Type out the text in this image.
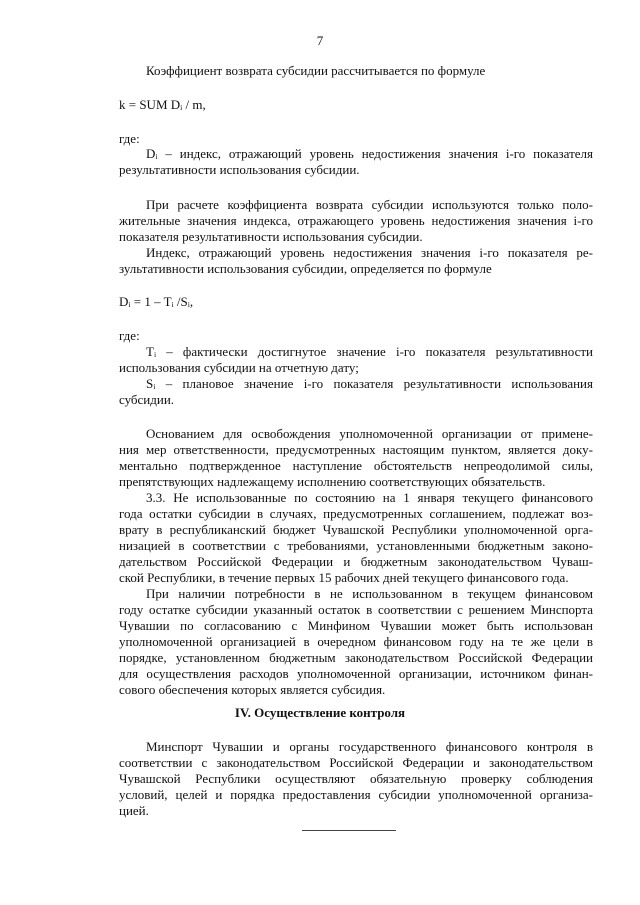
7
Коэффициент возврата субсидии рассчитывается по формуле
k = SUM Dᵢ / m,
где:
Dᵢ – индекс, отражающий уровень недостижения значения i-го показателя
результативности использования субсидии.
При расчете коэффициента возврата субсидии используются только поло-
жительные значения индекса, отражающего уровень недостижения значения i-го
показателя результативности использования субсидии.
Индекс, отражающий уровень недостижения значения i-го показателя ре-
зультативности использования субсидии, определяется по формуле
Dᵢ = 1 – Tᵢ /Sᵢ,
где:
Tᵢ – фактически достигнутое значение i-го показателя результативности
использования субсидии на отчетную дату;
Sᵢ – плановое значение i-го показателя результативности использования
субсидии.
Основанием для освобождения уполномоченной организации от примене-
ния мер ответственности, предусмотренных настоящим пунктом, является доку-
ментально подтвержденное наступление обстоятельств непреодолимой силы,
препятствующих надлежащему исполнению соответствующих обязательств.
3.3. Не использованные по состоянию на 1 января текущего финансового
года остатки субсидии в случаях, предусмотренных соглашением, подлежат воз-
врату в республиканский бюджет Чувашской Республики уполномоченной орга-
низацией в соответствии с требованиями, установленными бюджетным законо-
дательством Российской Федерации и бюджетным законодательством Чуваш-
ской Республики, в течение первых 15 рабочих дней текущего финансового года.
При наличии потребности в не использованном в текущем финансовом
году остатке субсидии указанный остаток в соответствии с решением Минспорта
Чувашии по согласованию с Минфином Чувашии может быть использован
уполномоченной организацией в очередном финансовом году на те же цели в
порядке, установленном бюджетным законодательством Российской Федерации
для осуществления расходов уполномоченной организации, источником финан-
сового обеспечения которых является субсидия.
IV. Осуществление контроля
Минспорт Чувашии и органы государственного финансового контроля в
соответствии с законодательством Российской Федерации и законодательством
Чувашской Республики осуществляют обязательную проверку соблюдения
условий, целей и порядка предоставления субсидии уполномоченной организа-
цией.
